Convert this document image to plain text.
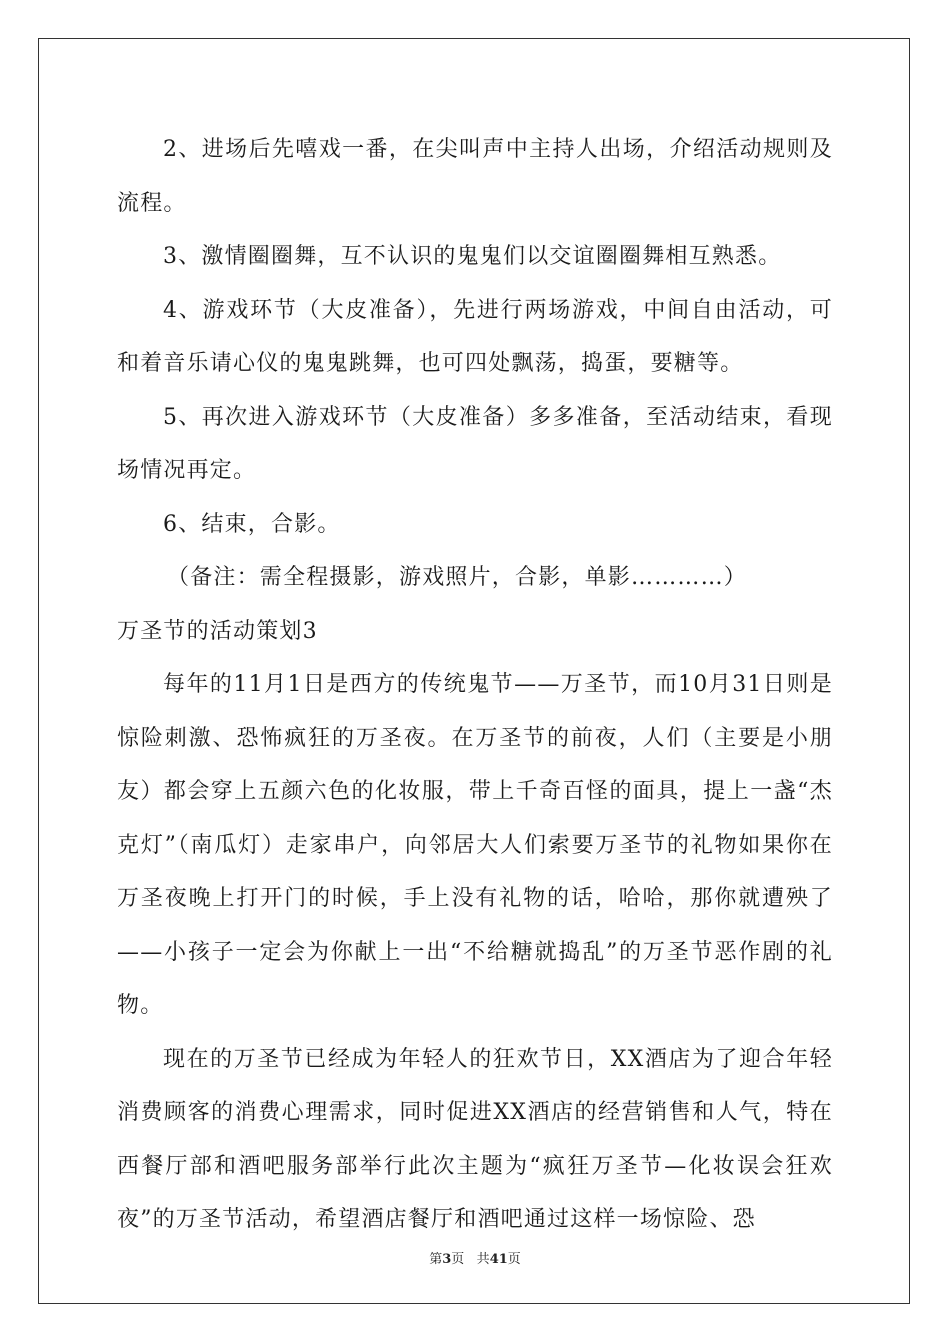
2、进场后先嘻戏一番，在尖叫声中主持人出场，介绍活动规则及流程。

3、激情圈圈舞，互不认识的鬼鬼们以交谊圈圈舞相互熟悉。

4、游戏环节（大皮准备），先进行两场游戏，中间自由活动，可和着音乐请心仪的鬼鬼跳舞，也可四处飘荡，捣蛋，要糖等。

5、再次进入游戏环节（大皮准备）多多准备，至活动结束，看现场情况再定。

6、结束，合影。

（备注：需全程摄影，游戏照片，合影，单影…………）

万圣节的活动策划3

每年的11月1日是西方的传统鬼节——万圣节，而10月31日则是惊险刺激、恐怖疯狂的万圣夜。在万圣节的前夜，人们（主要是小朋友）都会穿上五颜六色的化妆服，带上千奇百怪的面具，提上一盏“杰克灯”（南瓜灯）走家串户，向邻居大人们索要万圣节的礼物如果你在万圣夜晚上打开门的时候，手上没有礼物的话，哈哈，那你就遭殃了——小孩子一定会为你献上一出“不给糖就捣乱”的万圣节恶作剧的礼物。

现在的万圣节已经成为年轻人的狂欢节日，XX酒店为了迎合年轻消费顾客的消费心理需求，同时促进XX酒店的经营销售和人气，特在西餐厅部和酒吧服务部举行此次主题为“疯狂万圣节—化妆误会狂欢夜”的万圣节活动，希望酒店餐厅和酒吧通过这样一场惊险、恐

第3页 共41页
